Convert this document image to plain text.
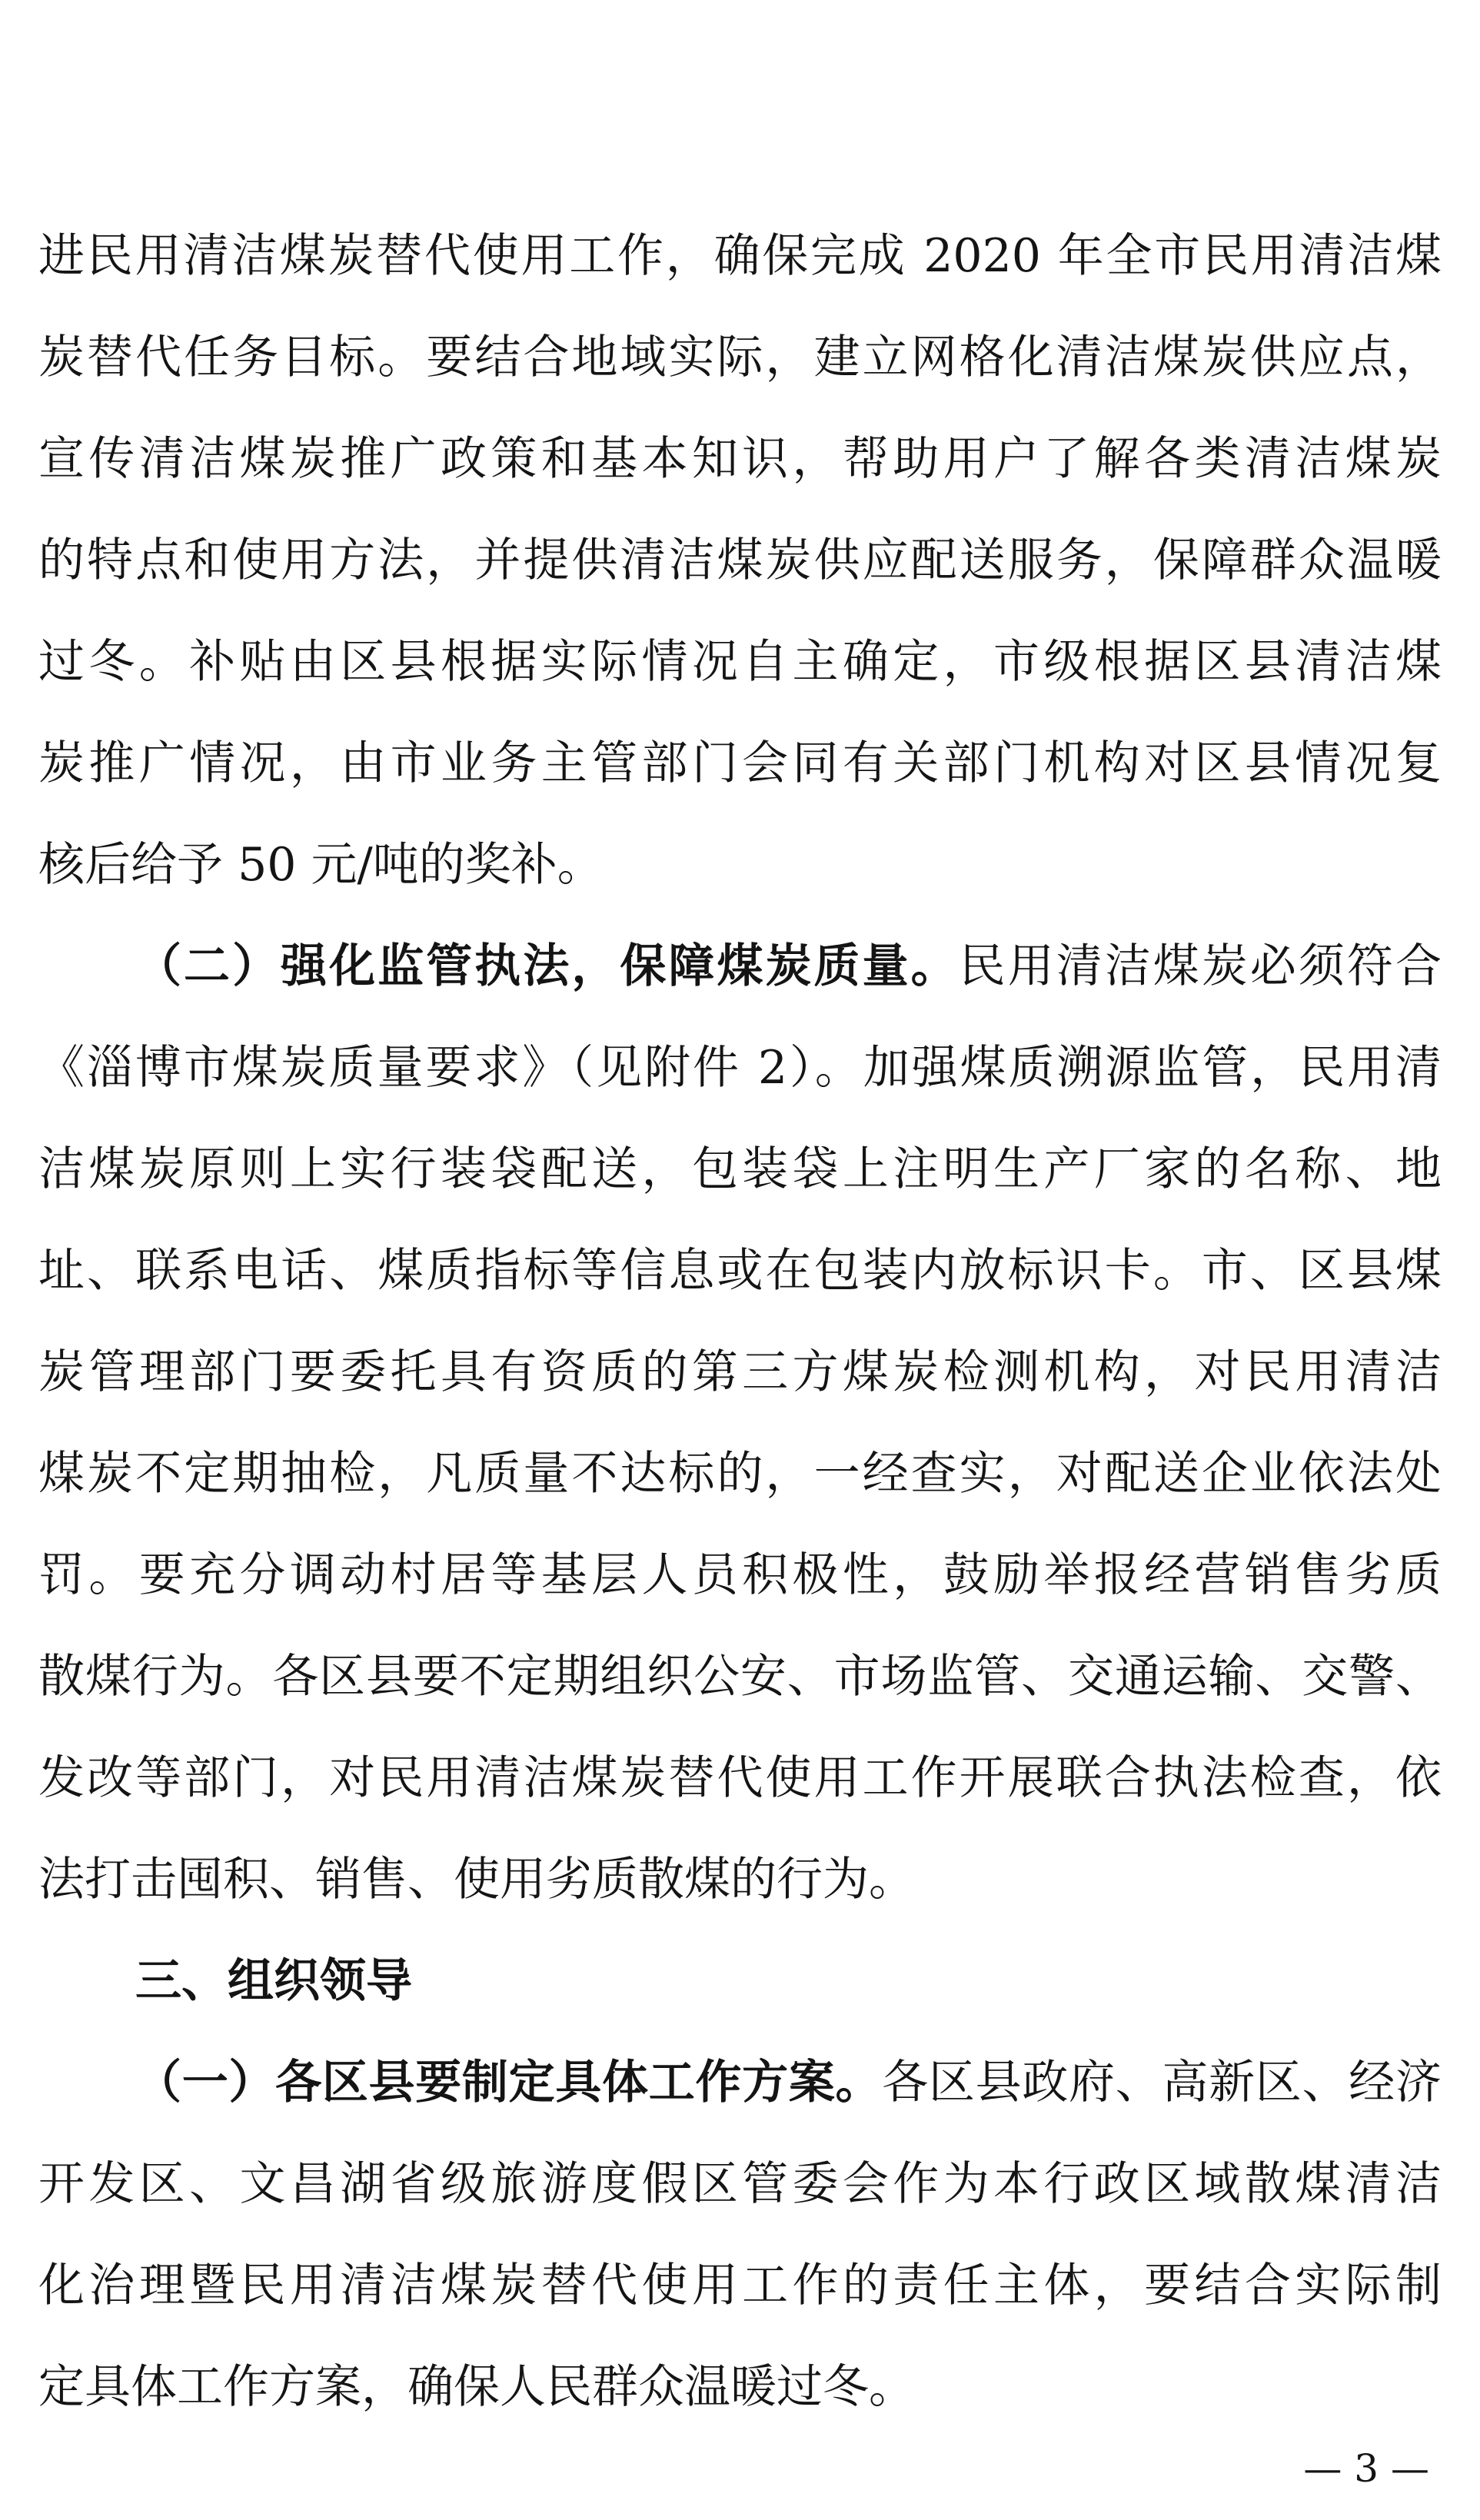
进民用清洁煤炭替代使用工作，确保完成 2020 年全市民用清洁煤
炭替代任务目标。要结合地域实际，建立网格化清洁煤炭供应点，
宣传清洁煤炭推广政策和基本知识，帮助用户了解各类清洁煤炭
的特点和使用方法，并提供清洁煤炭供应配送服务，保障群众温暖
过冬。补贴由区县根据实际情况自主确定，市级根据区县清洁煤
炭推广情况，由市业务主管部门会同有关部门机构对区县情况复
核后给予 50 元/吨的奖补。
（二）强化监管执法，保障煤炭质量。民用清洁煤炭必须符合
《淄博市煤炭质量要求》（见附件 2）。加强煤质溯源监管，民用清
洁煤炭原则上实行装袋配送，包装袋上注明生产厂家的名称、地
址、联系电话、煤质指标等信息或在包装内放标识卡。市、区县煤
炭管理部门要委托具有资质的第三方煤炭检测机构，对民用清洁
煤炭不定期抽检，凡质量不达标的，一经查实，对配送企业依法处
罚。要充分调动村居等基层人员积极性，鼓励举报经营销售劣质
散煤行为。各区县要不定期组织公安、市场监管、交通运输、交警、
发改等部门，对民用清洁煤炭替代使用工作开展联合执法检查，依
法打击囤积、销售、使用劣质散煤的行为。
三、组织领导
（一）各区县要制定具体工作方案。各区县政府、高新区、经济
开发区、文昌湖省级旅游度假区管委会作为本行政区域散煤清洁
化治理暨民用清洁煤炭替代使用工作的责任主体，要结合实际制
定具体工作方案，确保人民群众温暖过冬。
— 3 —
